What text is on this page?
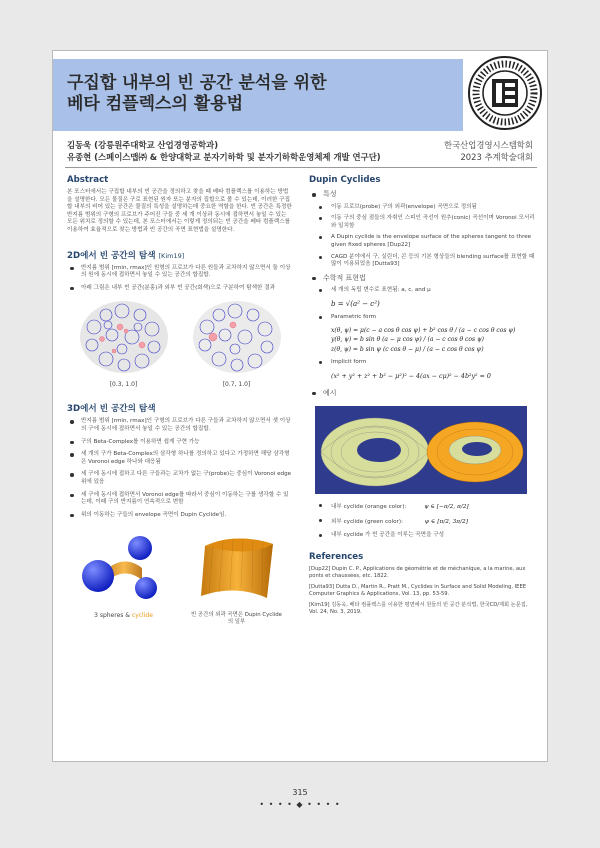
구집합 내부의 빈 공간 분석을 위한
베타 컴플렉스의 활용법
김동욱 (강릉원주대학교 산업경영공학과)
유종현 (스페이스맵㈜ & 한양대학교 분자기하학 및 분자기하학운영체제 개발 연구단)
한국산업경영시스템학회
2023 추계학술대회
Abstract
본 포스터에서는 구집합 내부의 빈 공간을 정의하고 찾을 때 베타 컴플렉스를 이용하는 방법을 설명한다. 모든 물질은 구로 표현된 원자 또는 분자의 집합으로 볼 수 있는데, 이러한 구집합 내부의 비어 있는 공간은 물질의 특성을 설명하는데 중요한 역할을 한다. 빈 공간은 특정한 반지름 범위의 구형의 프로브가 주어진 구들 중 세 개 이상과 동시에 접하면서 놓일 수 있는 모든 위치로 정의할 수 있는데, 본 포스터에서는 이렇게 정의되는 빈 공간을 베타 컴플렉스를 이용하여 효율적으로 찾는 방법과 빈 공간의 곡면 표현법을 설명한다.
2D에서 빈 공간의 탐색 [Kim19]
반지름 범위 [rmin, rmax]인 원형의 프로브가 다른 원들과 교차하지 않으면서 둘 이상의 원에 동시에 접하면서 놓일 수 있는 공간의 합집합.
아래 그림은 내부 빈 공간(분홍)과 외부 빈 공간(회색)으로 구분하여 탐색한 결과
[0.3, 1.0]	[0.7, 1.0]
3D에서 빈 공간의 탐색
반지름 범위 [rmin, rmax]인 구형의 프로브가 다른 구들과 교차하지 않으면서 셋 이상의 구에 동시에 접하면서 놓일 수 있는 공간의 합집합.
구의 Beta-Complex를 이용하면 쉽게 구현 가능
세 개의 구가 Beta-Complex의 삼각형 하나를 정의하고 있다고 가정하면 해당 삼각형은 Voronoi edge 하나와 대응됨
세 구에 동시에 접하고 다른 구들과는 교차가 없는 구(probe)는 중심이 Voronoi edge 위에 있음
세 구에 동시에 접하면서 Voronoi edge를 따라서 중심이 이동하는 구를 생각할 수 있는데, 이때 구의 반지름이 연속적으로 변함
위의 이동하는 구들의 envelope 곡면이 Dupin Cyclide임.
3 spheres & cyclide	빈 공간의 외곽 곡면은 Dupin Cyclide의 일부
Dupin Cyclides
특성
이동 프로브(probe) 구의 외곽(envelope) 곡면으로 정의됨
이동 구의 중심 점들의 자취인 스피인 곡선이 원추(conic) 곡선이며 Voronoi 모서리와 일치함
A Dupin cyclide is the envelope surface of the spheres tangent to three given fixed spheres [Dup22]
CAGD 분야에서 구, 실린더, 콘 등의 기본 형상들의 blending surface를 표현할 때 많이 이용되었음 [Dutta93]
수학적 표현법
세 개의 독립 변수로 표현됨: a, c, and μ
b = √(a² − c²)
Parametric form
x(θ, ψ) = μ(c − a cos θ cos ψ) + b² cos θ / (a − c cos θ cos ψ)
y(θ, ψ) = b sin θ (a − μ cos ψ) / (a − c cos θ cos ψ)
z(θ, ψ) = b sin ψ (c cos θ − μ) / (a − c cos θ cos ψ)
Implicit form
(x² + y² + z² + b² − μ²)² − 4(ax − cμ)² − 4b²y² = 0
예시
내부 cyclide (orange color):	ψ ∈ [−π/2, π/2]
외부 cyclide (green color):	ψ ∈ [π/2, 3π/2]
내부 cyclide 가 빈 공간을 이루는 곡면을 구성
References
[Dup22] Dupin C. P., Applications de géométrie et de méchanique, a la marine, aux ponts et chaussées, etc. 1822.
[Dutta93] Dutta D., Martin R., Pratt M., Cyclides in Surface and Solid Modeling, IEEE Computer Graphics & Applications, Vol. 13, pp. 53-59.
[Kim19] 김동욱, 베타 컴플렉스를 이용한 평면에서 원들의 빈 공간 분석법, 한국CD/제회 논문집, Vol. 24, No. 3, 2019.
315
• • • • ◆ • • • •
